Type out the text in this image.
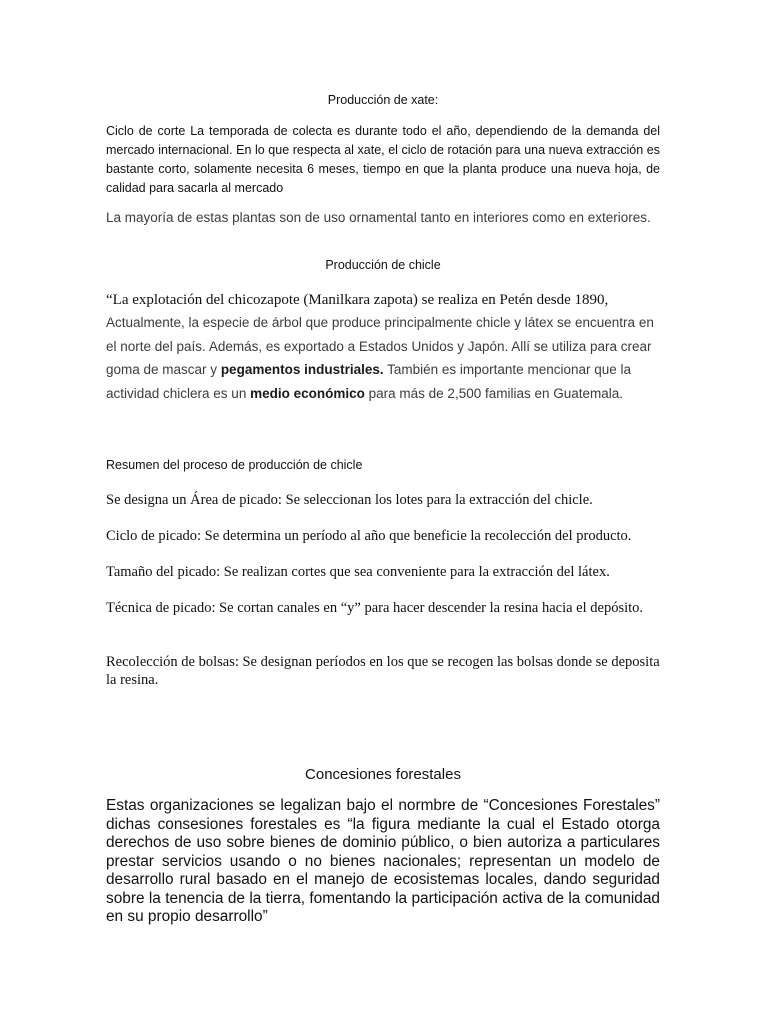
Producción de xate:

Ciclo de corte La temporada de colecta es durante todo el año, dependiendo de la demanda del mercado internacional. En lo que respecta al xate, el ciclo de rotación para una nueva extracción es bastante corto, solamente necesita 6 meses, tiempo en que la planta produce una nueva hoja, de calidad para sacarla al mercado

La mayoría de estas plantas son de uso ornamental tanto en interiores como en exteriores.

Producción de chicle

“La explotación del chicozapote (Manilkara zapota) se realiza en Petén desde 1890,
Actualmente, la especie de árbol que produce principalmente chicle y látex se encuentra en el norte del país. Además, es exportado a Estados Unidos y Japón. Allí se utiliza para crear goma de mascar y pegamentos industriales. También es importante mencionar que la actividad chiclera es un medio económico para más de 2,500 familias en Guatemala.

Resumen del proceso de producción de chicle

Se designa un Área de picado: Se seleccionan los lotes para la extracción del chicle.

Ciclo de picado: Se determina un período al año que beneficie la recolección del producto.

Tamaño del picado: Se realizan cortes que sea conveniente para la extracción del látex.

Técnica de picado: Se cortan canales en “y” para hacer descender la resina hacia el depósito.

Recolección de bolsas: Se designan períodos en los que se recogen las bolsas donde se deposita la resina.

Concesiones forestales

Estas organizaciones se legalizan bajo el normbre de “Concesiones Forestales” dichas consesiones forestales es “la figura mediante la cual el Estado otorga derechos de uso sobre bienes de dominio público, o bien autoriza a particulares prestar servicios usando o no bienes nacionales; representan un modelo de desarrollo rural basado en el manejo de ecosistemas locales, dando seguridad sobre la tenencia de la tierra, fomentando la participación activa de la comunidad en su propio desarrollo”
